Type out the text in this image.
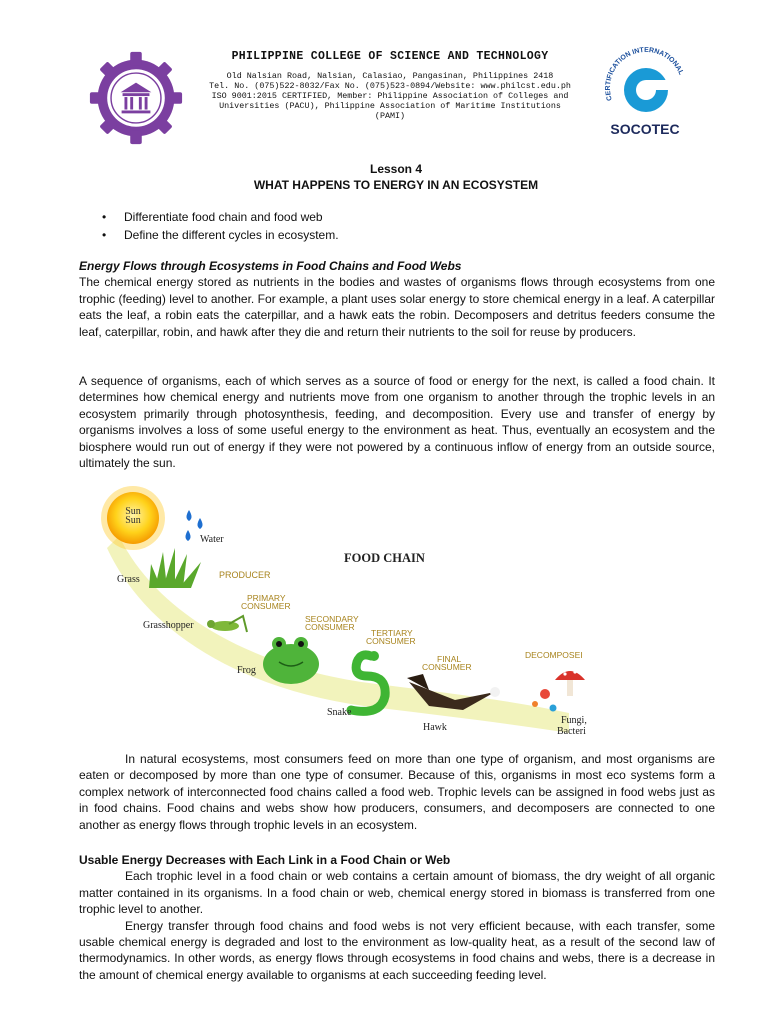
PHILIPPINE COLLEGE OF SCIENCE AND TECHNOLOGY
Old Nalsian Road, Nalsian, Calasiao, Pangasinan, Philippines 2418
Tel. No. (075)522-8032/Fax No. (075)523-0894/Website: www.philcst.edu.ph
ISO 9001:2015 CERTIFIED, Member: Philippine Association of Colleges and
Universities (PACU), Philippine Association of Maritime Institutions
(PAMI)
CERTIFICATION INTERNATIONAL
SOCOTEC
Lesson 4
WHAT HAPPENS TO ENERGY IN AN ECOSYSTEM
• Differentiate food chain and food web
• Define the different cycles in ecosystem.

Energy Flows through Ecosystems in Food Chains and Food Webs
The chemical energy stored as nutrients in the bodies and wastes of organisms flows through ecosystems from one trophic (feeding) level to another. For example, a plant uses solar energy to store chemical energy in a leaf. A caterpillar eats the leaf, a robin eats the caterpillar, and a hawk eats the robin. Decomposers and detritus feeders consume the leaf, caterpillar, robin, and hawk after they die and return their nutrients to the soil for reuse by producers.

A sequence of organisms, each of which serves as a source of food or energy for the next, is called a food chain. It determines how chemical energy and nutrients move from one organism to another through the trophic levels in an ecosystem primarily through photosynthesis, feeding, and decomposition. Every use and transfer of energy by organisms involves a loss of some useful energy to the environment as heat. Thus, eventually an ecosystem and the biosphere would run out of energy if they were not powered by a continuous inflow of energy from an outside source, ultimately the sun.

Sun
Sun
Water
FOOD CHAIN
Grass	PRODUCER
Grasshopper
PRIMARY
CONSUMER
Frog
SECONDARY
CONSUMER
Snake
TERTIARY
CONSUMER
Hawk
FINAL
CONSUMER
DECOMPOSEI
Fungi,
Bacteri

In natural ecosystems, most consumers feed on more than one type of organism, and most organisms are eaten or decomposed by more than one type of consumer. Because of this, organisms in most eco systems form a complex network of interconnected food chains called a food web. Trophic levels can be assigned in food webs just as in food chains. Food chains and webs show how producers, consumers, and decomposers are connected to one another as energy flows through trophic levels in an ecosystem.

Usable Energy Decreases with Each Link in a Food Chain or Web
Each trophic level in a food chain or web contains a certain amount of biomass, the dry weight of all organic matter contained in its organisms. In a food chain or web, chemical energy stored in biomass is transferred from one trophic level to another.
Energy transfer through food chains and food webs is not very efficient because, with each transfer, some usable chemical energy is degraded and lost to the environment as low-quality heat, as a result of the second law of thermodynamics. In other words, as energy flows through ecosystems in food chains and webs, there is a decrease in the amount of chemical energy available to organisms at each succeeding feeding level.
